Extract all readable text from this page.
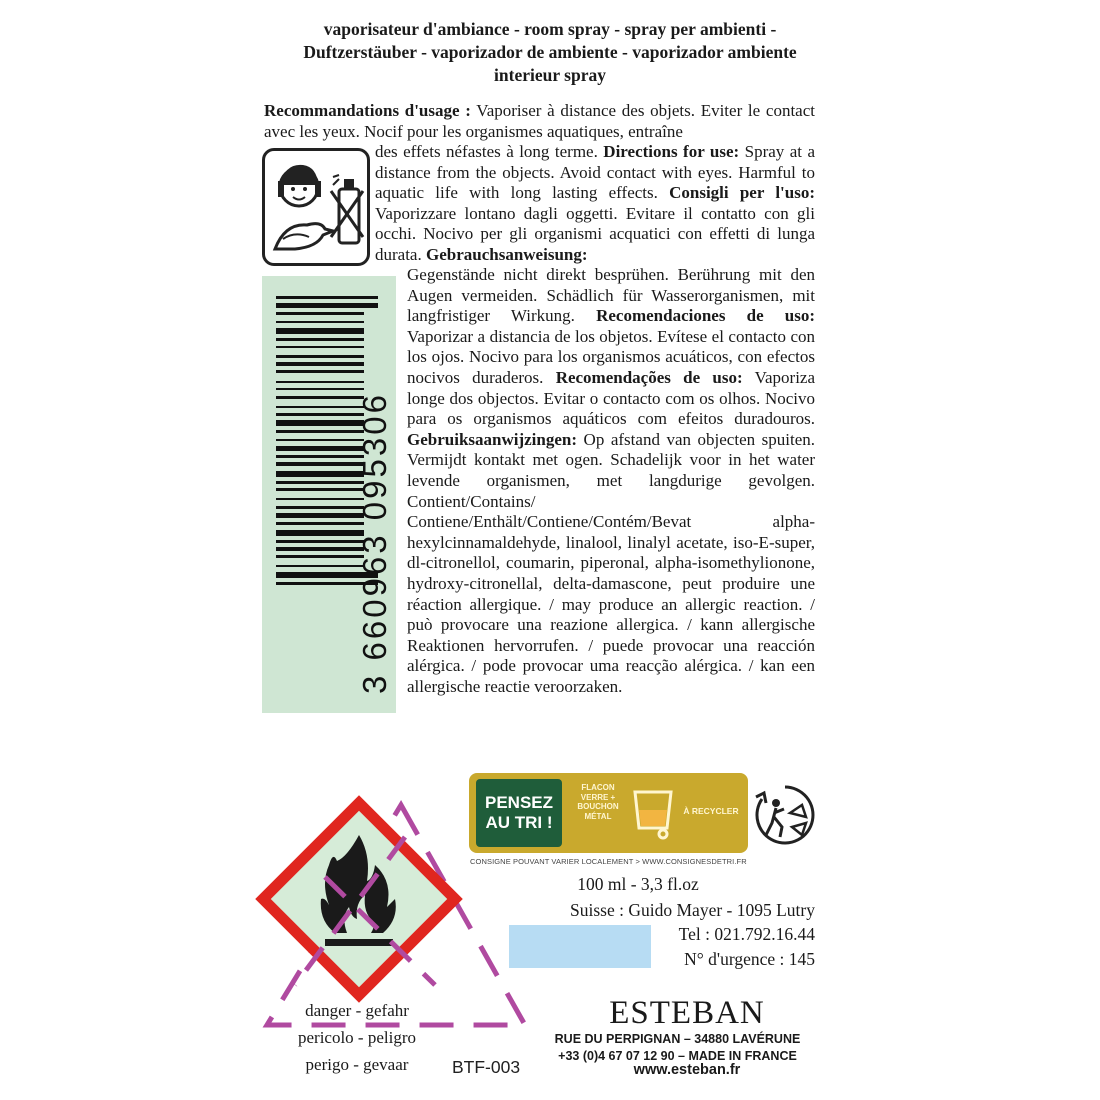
vaporisateur d'ambiance - room spray - spray per ambienti -
Duftzerstäuber - vaporizador de ambiente - vaporizador ambiente
interieur spray
Recommandations d'usage : Vaporiser à distance des objets. Eviter le contact avec les yeux. Nocif pour les organismes aquatiques, entraîne
des effets néfastes à long terme. Directions for use: Spray at a distance from the objects. Avoid contact with eyes. Harmful to aquatic life with long lasting effects. Consigli per l'uso: Vaporizzare lontano dagli oggetti. Evitare il contatto con gli occhi. Nocivo per gli organismi acquatici con effetti di lunga durata. Gebrauchsanweisung:
Gegenstände nicht direkt besprühen. Berührung mit den Augen vermeiden. Schädlich für Wasserorganismen, mit langfristiger Wirkung. Recomendaciones de uso: Vaporizar a distancia de los objetos. Evítese el contacto con los ojos. Nocivo para los organismos acuáticos, con efectos nocivos duraderos. Recomendações de uso: Vaporiza longe dos objectos. Evitar o contacto com os olhos. Nocivo para os organismos aquáticos com efeitos duradouros. Gebruiksaanwijzingen: Op afstand van objecten spuiten. Vermijdt kontakt met ogen. Schadelijk voor in het water levende organismen, met langdurige gevolgen. Contient/Contains/ Contiene/Enthält/Contiene/Contém/Bevat alpha-hexylcinnamaldehyde, linalool, linalyl acetate, iso-E-super, dl-citronellol, coumarin, piperonal, alpha-isomethylionone, hydroxy-citronellal, delta-damascone, peut produire une réaction allergique. / may produce an allergic reaction. / può provocare una reazione allergica. / kann allergische Reaktionen hervorrufen. / puede provocar una reacción alérgica. / pode provocar uma reacção alérgica. / kan een allergische reactie veroorzaken.
3 660963 095306
PENSEZ AU TRI !
FLACON VERRE + BOUCHON MÉTAL	À RECYCLER
CONSIGNE POUVANT VARIER LOCALEMENT > WWW.CONSIGNESDETRI.FR
100 ml - 3,3 fl.oz
Suisse : Guido Mayer - 1095 Lutry
Tel : 021.792.16.44
N° d'urgence : 145
danger - gefahr
pericolo - peligro
perigo - gevaar
ESTEBAN
RUE DU PERPIGNAN – 34880 LAVÉRUNE
+33 (0)4 67 07 12 90 – MADE IN FRANCE
www.esteban.fr
BTF-003
